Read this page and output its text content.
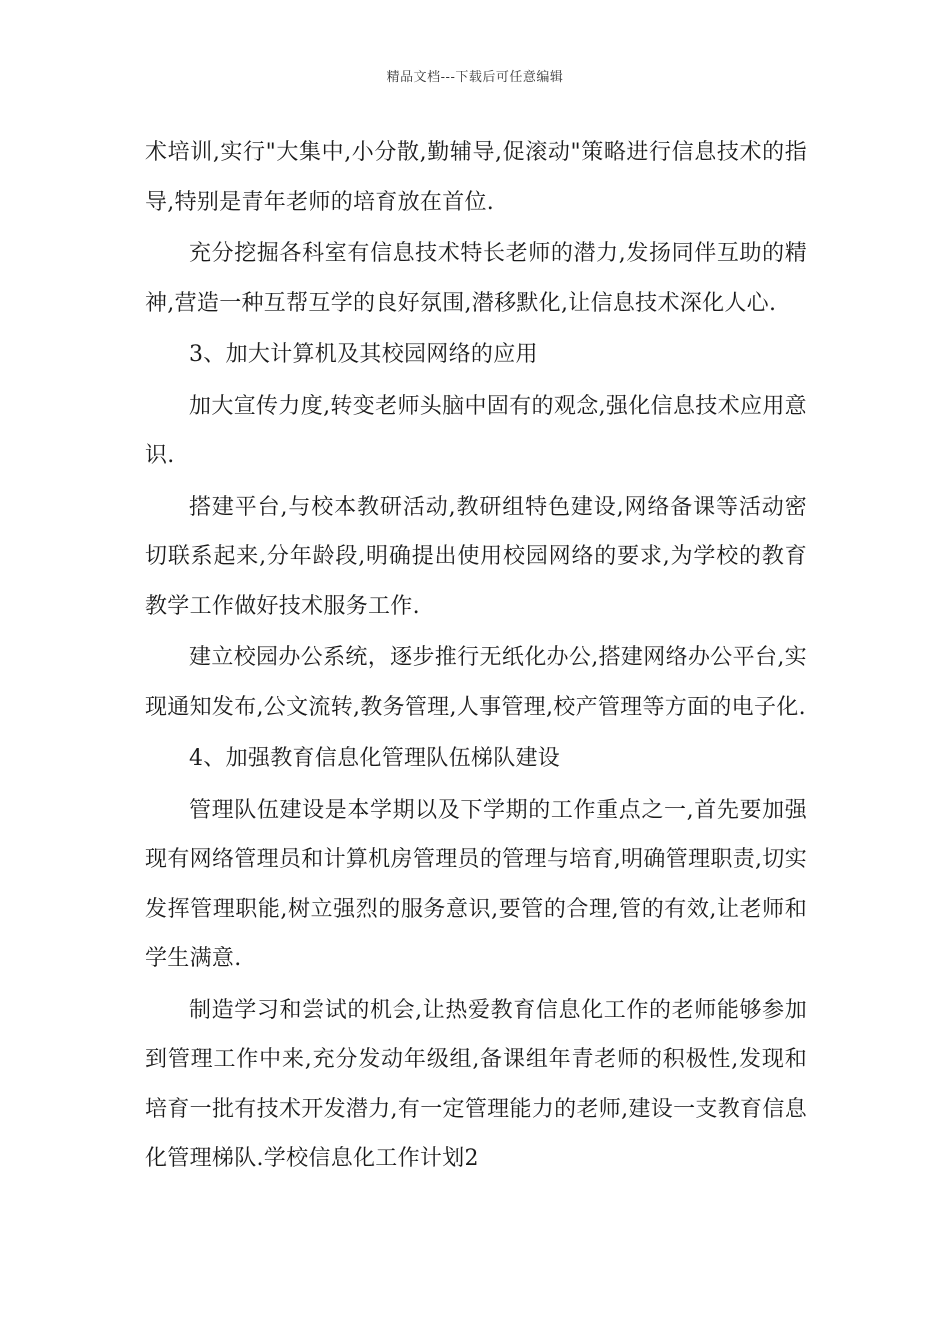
精品文档---下载后可任意编辑

术培训,实行"大集中,小分散,勤辅导,促滚动"策略进行信息技术的指导,特别是青年老师的培育放在首位.

充分挖掘各科室有信息技术特长老师的潜力,发扬同伴互助的精神,营造一种互帮互学的良好氛围,潜移默化,让信息技术深化人心.

3、加大计算机及其校园网络的应用

加大宣传力度,转变老师头脑中固有的观念,强化信息技术应用意识.

搭建平台,与校本教研活动,教研组特色建设,网络备课等活动密切联系起来,分年龄段,明确提出使用校园网络的要求,为学校的教育教学工作做好技术服务工作.

建立校园办公系统，逐步推行无纸化办公,搭建网络办公平台,实现通知发布,公文流转,教务管理,人事管理,校产管理等方面的电子化.

4、加强教育信息化管理队伍梯队建设

管理队伍建设是本学期以及下学期的工作重点之一,首先要加强现有网络管理员和计算机房管理员的管理与培育,明确管理职责,切实发挥管理职能,树立强烈的服务意识,要管的合理,管的有效,让老师和学生满意.

制造学习和尝试的机会,让热爱教育信息化工作的老师能够参加到管理工作中来,充分发动年级组,备课组年青老师的积极性,发现和培育一批有技术开发潜力,有一定管理能力的老师,建设一支教育信息化管理梯队.学校信息化工作计划2
